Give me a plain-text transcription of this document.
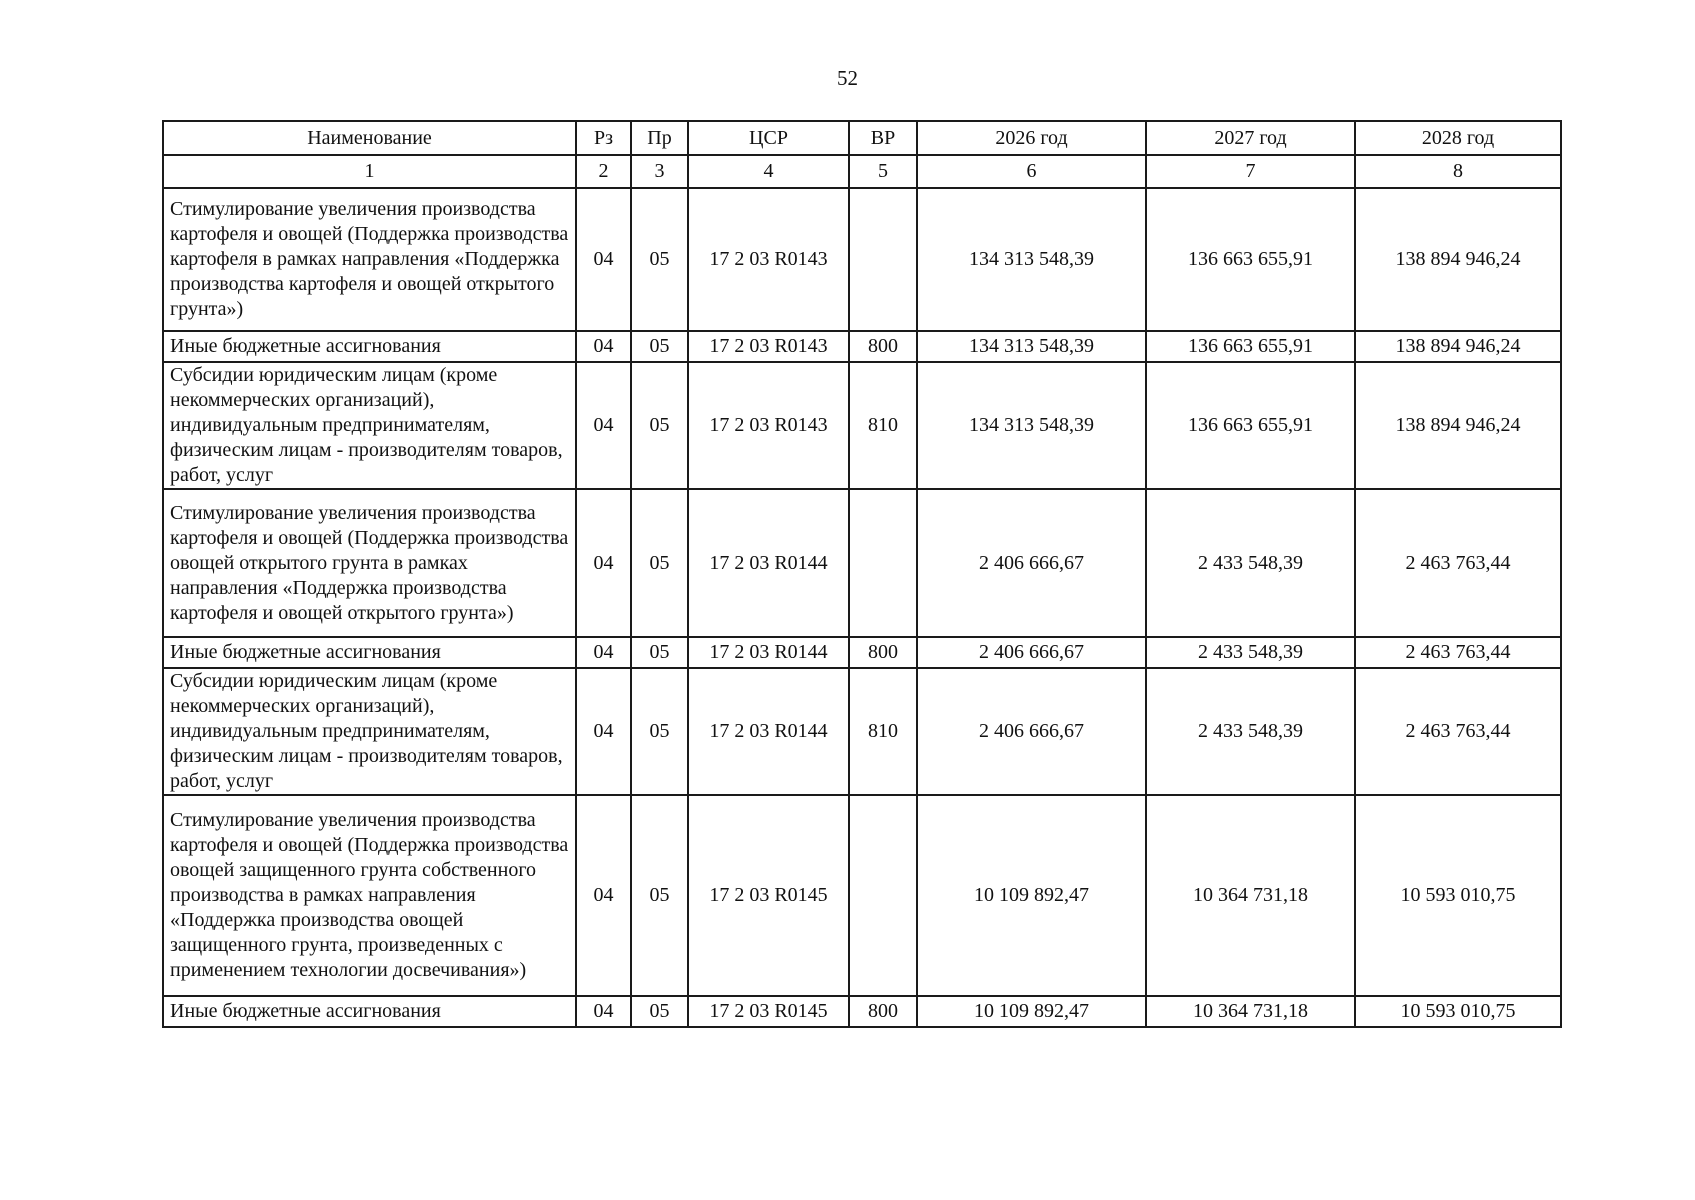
52
Наименование	Рз	Пр	ЦСР	ВР	2026 год	2027 год	2028 год
1	2	3	4	5	6	7	8
Стимулирование увеличения производства картофеля и овощей (Поддержка производства картофеля в рамках направления «Поддержка производства картофеля и овощей открытого грунта»)	04	05	17 2 03 R0143		134 313 548,39	136 663 655,91	138 894 946,24
Иные бюджетные ассигнования	04	05	17 2 03 R0143	800	134 313 548,39	136 663 655,91	138 894 946,24
Субсидии юридическим лицам (кроме некоммерческих организаций), индивидуальным предпринимателям, физическим лицам - производителям товаров, работ, услуг	04	05	17 2 03 R0143	810	134 313 548,39	136 663 655,91	138 894 946,24
Стимулирование увеличения производства картофеля и овощей (Поддержка производства овощей открытого грунта в рамках направления «Поддержка производства картофеля и овощей открытого грунта»)	04	05	17 2 03 R0144		2 406 666,67	2 433 548,39	2 463 763,44
Иные бюджетные ассигнования	04	05	17 2 03 R0144	800	2 406 666,67	2 433 548,39	2 463 763,44
Субсидии юридическим лицам (кроме некоммерческих организаций), индивидуальным предпринимателям, физическим лицам - производителям товаров, работ, услуг	04	05	17 2 03 R0144	810	2 406 666,67	2 433 548,39	2 463 763,44
Стимулирование увеличения производства картофеля и овощей (Поддержка производства овощей защищенного грунта собственного производства в рамках направления «Поддержка производства овощей защищенного грунта, произведенных с применением технологии досвечивания»)	04	05	17 2 03 R0145		10 109 892,47	10 364 731,18	10 593 010,75
Иные бюджетные ассигнования	04	05	17 2 03 R0145	800	10 109 892,47	10 364 731,18	10 593 010,75
